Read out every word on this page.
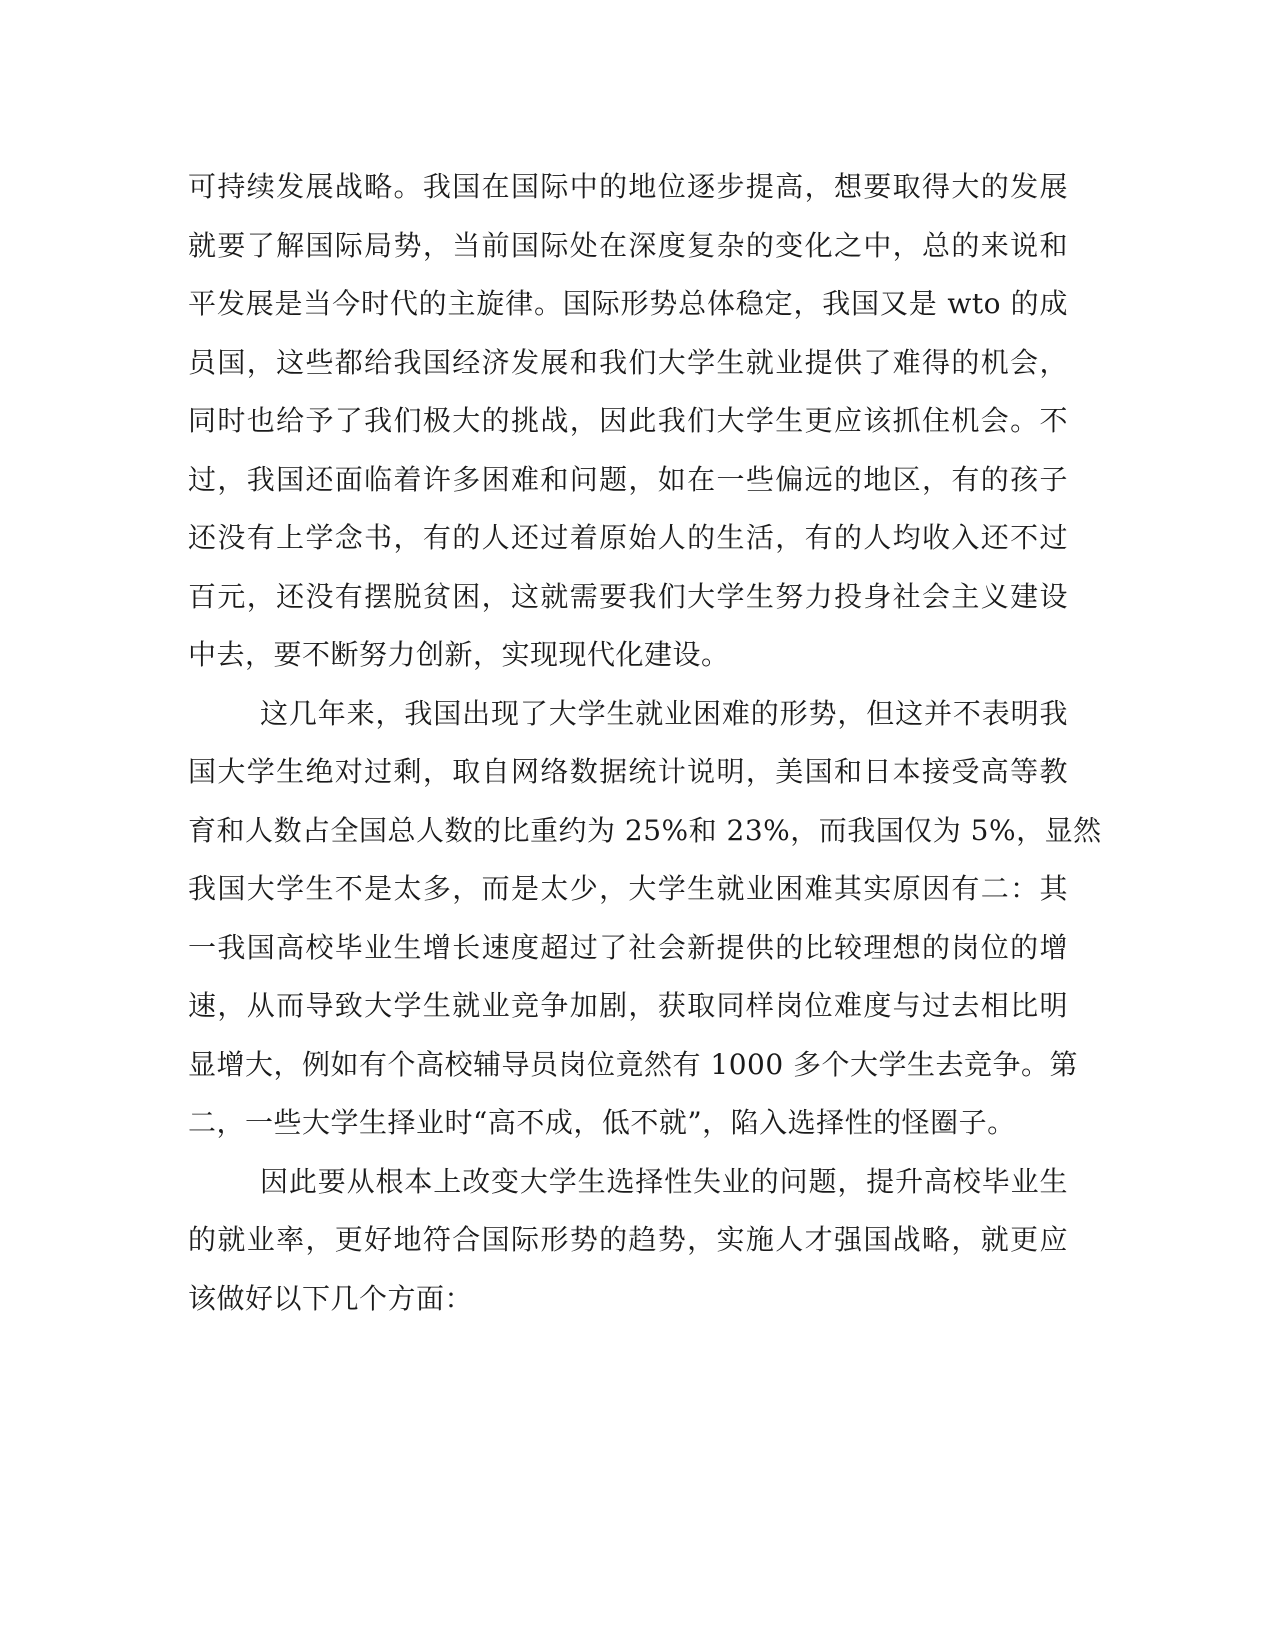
可持续发展战略。我国在国际中的地位逐步提高，想要取得大的发展
就要了解国际局势，当前国际处在深度复杂的变化之中，总的来说和
平发展是当今时代的主旋律。国际形势总体稳定，我国又是 wto 的成
员国，这些都给我国经济发展和我们大学生就业提供了难得的机会，
同时也给予了我们极大的挑战，因此我们大学生更应该抓住机会。不
过，我国还面临着许多困难和问题，如在一些偏远的地区，有的孩子
还没有上学念书，有的人还过着原始人的生活，有的人均收入还不过
百元，还没有摆脱贫困，这就需要我们大学生努力投身社会主义建设
中去，要不断努力创新，实现现代化建设。
这几年来，我国出现了大学生就业困难的形势，但这并不表明我
国大学生绝对过剩，取自网络数据统计说明，美国和日本接受高等教
育和人数占全国总人数的比重约为 25%和 23%，而我国仅为 5%，显然
我国大学生不是太多，而是太少，大学生就业困难其实原因有二：其
一我国高校毕业生增长速度超过了社会新提供的比较理想的岗位的增
速，从而导致大学生就业竞争加剧，获取同样岗位难度与过去相比明
显增大，例如有个高校辅导员岗位竟然有 1000 多个大学生去竞争。第
二，一些大学生择业时“高不成，低不就”，陷入选择性的怪圈子。
因此要从根本上改变大学生选择性失业的问题，提升高校毕业生
的就业率，更好地符合国际形势的趋势，实施人才强国战略，就更应
该做好以下几个方面：
